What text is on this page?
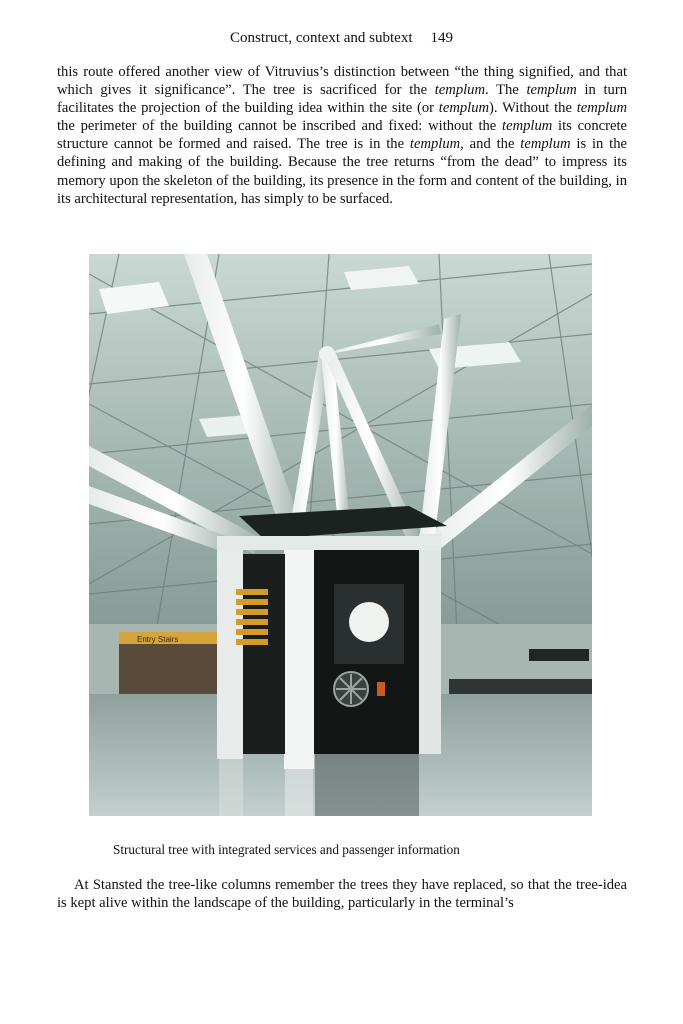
Construct, context and subtext 149

this route offered another view of Vitruvius’s distinction between “the thing signified, and that which gives it significance”. The tree is sacrificed for the templum. The templum in turn facilitates the projection of the building idea within the site (or templum). Without the templum the perimeter of the building cannot be inscribed and fixed: without the templum its concrete structure cannot be formed and raised. The tree is in the templum, and the templum is in the defining and making of the building. Because the tree returns “from the dead” to impress its memory upon the skeleton of the building, its presence in the form and content of the building, in its architectural representation, has simply to be surfaced.

Entry Stairs
Structural tree with integrated services and passenger information

At Stansted the tree-like columns remember the trees they have replaced, so that the tree-idea is kept alive within the landscape of the building, particularly in the terminal’s
